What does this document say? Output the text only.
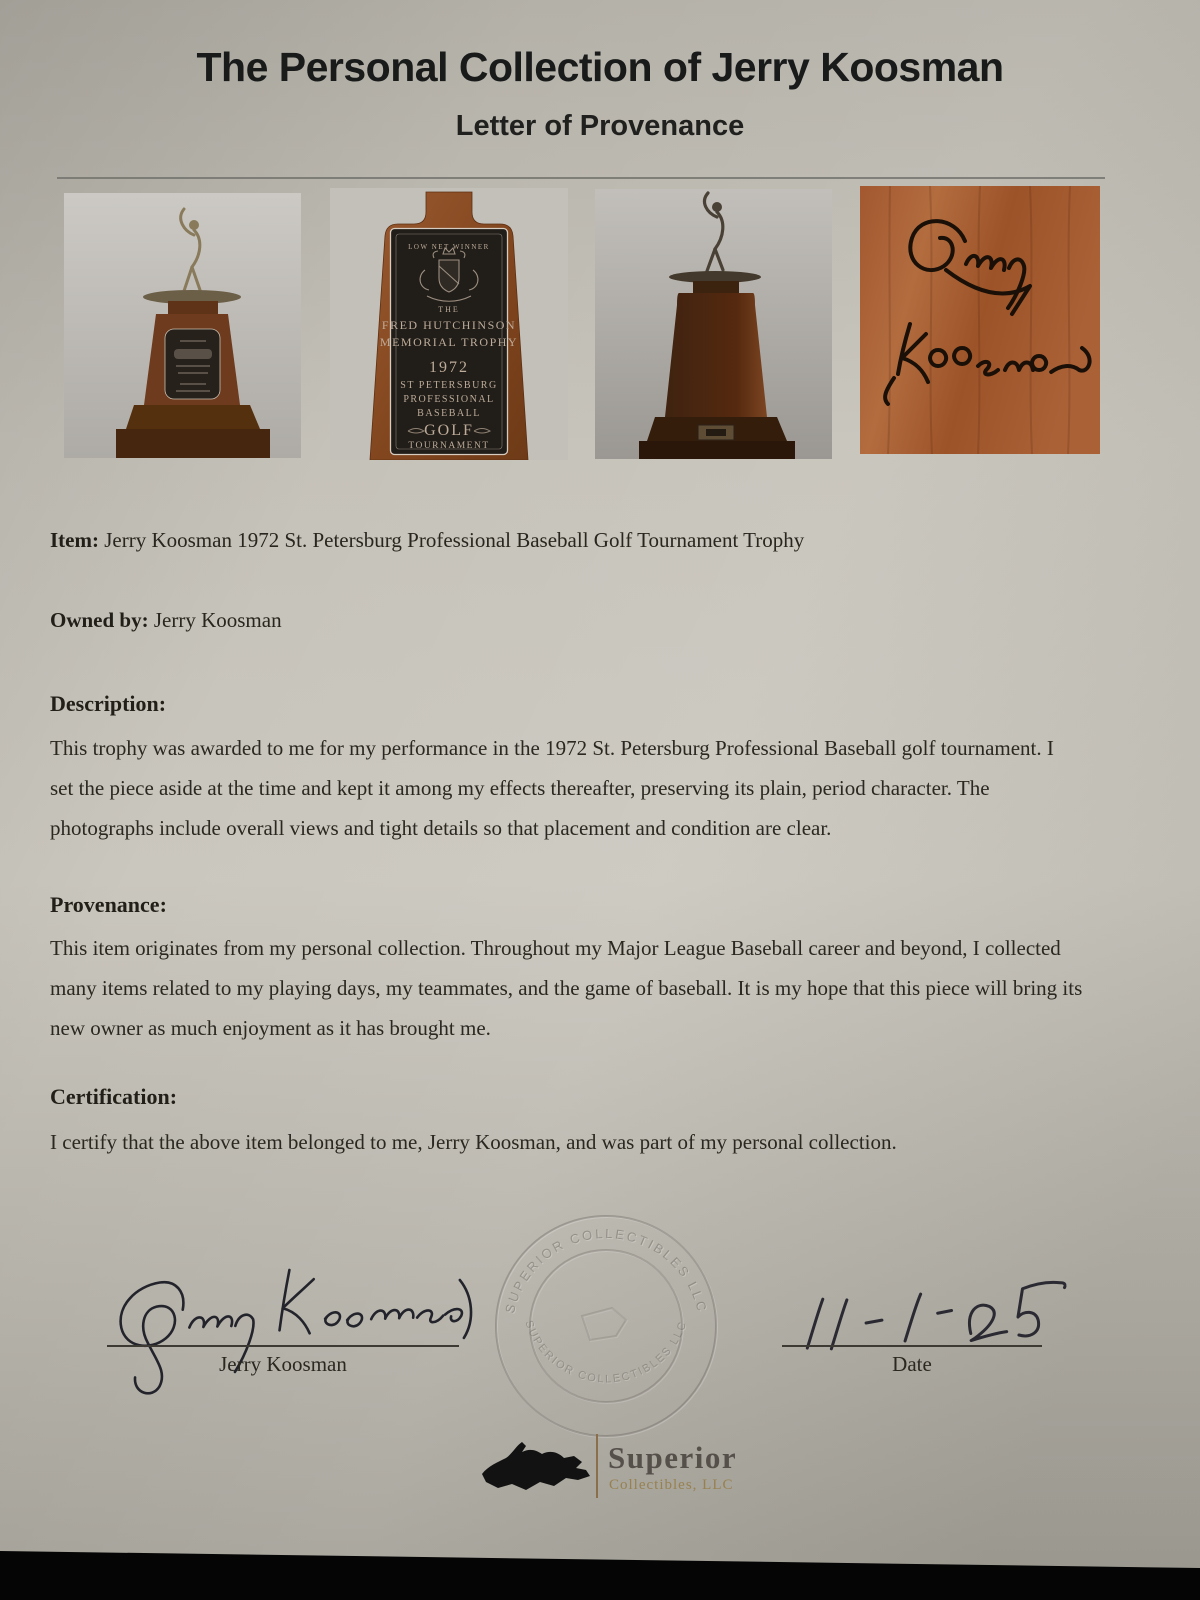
The Personal Collection of Jerry Koosman
Letter of Provenance
LOW NET WINNER
THE
FRED HUTCHINSON
MEMORIAL TROPHY
1972
ST PETERSBURG
PROFESSIONAL
BASEBALL
GOLF
TOURNAMENT
Item: Jerry Koosman 1972 St. Petersburg Professional Baseball Golf Tournament Trophy
Owned by: Jerry Koosman
Description:
This trophy was awarded to me for my performance in the 1972 St. Petersburg Professional Baseball golf tournament. I set the piece aside at the time and kept it among my effects thereafter, preserving its plain, period character. The photographs include overall views and tight details so that placement and condition are clear.
Provenance:
This item originates from my personal collection. Throughout my Major League Baseball career and beyond, I collected many items related to my playing days, my teammates, and the game of baseball. It is my hope that this piece will bring its new owner as much enjoyment as it has brought me.
Certification:
I certify that the above item belonged to me, Jerry Koosman, and was part of my personal collection.
SUPERIOR COLLECTIBLES LLC
SUPERIOR COLLECTIBLES LLC
Jerry Koosman	Date
Superior
Collectibles, LLC
